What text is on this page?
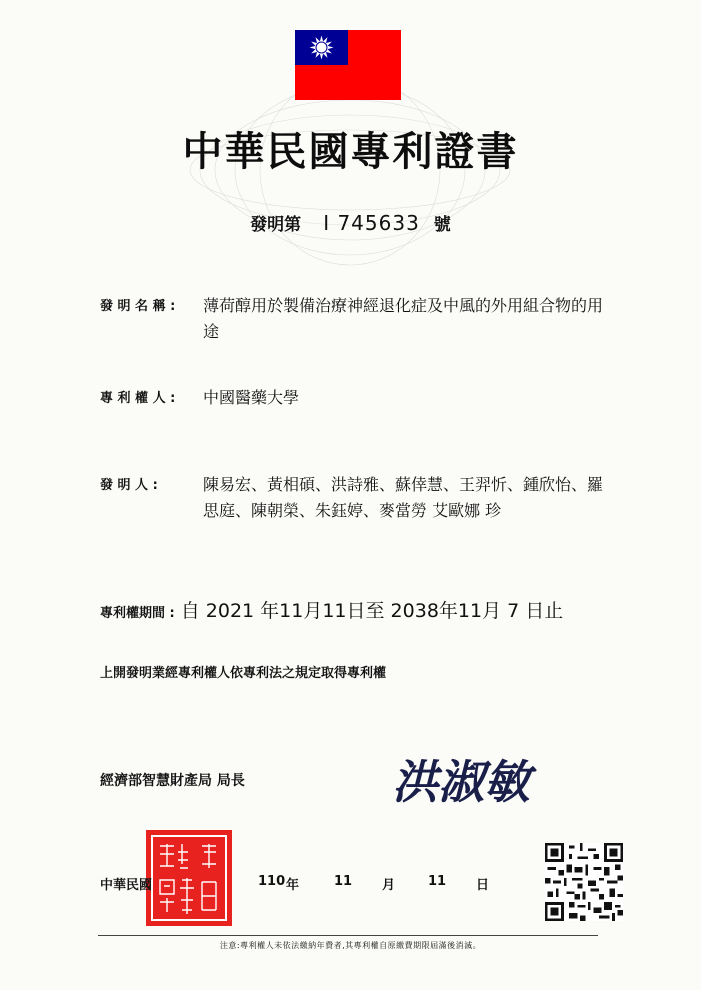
中華民國專利證書
發明第 I 745633 號
發 明 名 稱 :	薄荷醇用於製備治療神經退化症及中風的外用組合物的用途
專 利 權 人 :	中國醫藥大學
發 明 人 :	陳易宏、黃相碩、洪詩雅、蘇倖慧、王羿忻、鍾欣怡、羅思庭、陳朝榮、朱鈺婷、麥當勞 艾歐娜 珍
專利權期間 : 自 2021 年11月11日至 2038年11月 7 日止
上開發明業經專利權人依專利法之規定取得專利權
經濟部智慧財產局 局長	洪淑敏
中華民國	110 年	11 月	11 日
注意:專利權人未依法繳納年費者,其專利權自原繳費期限屆滿後消滅。
